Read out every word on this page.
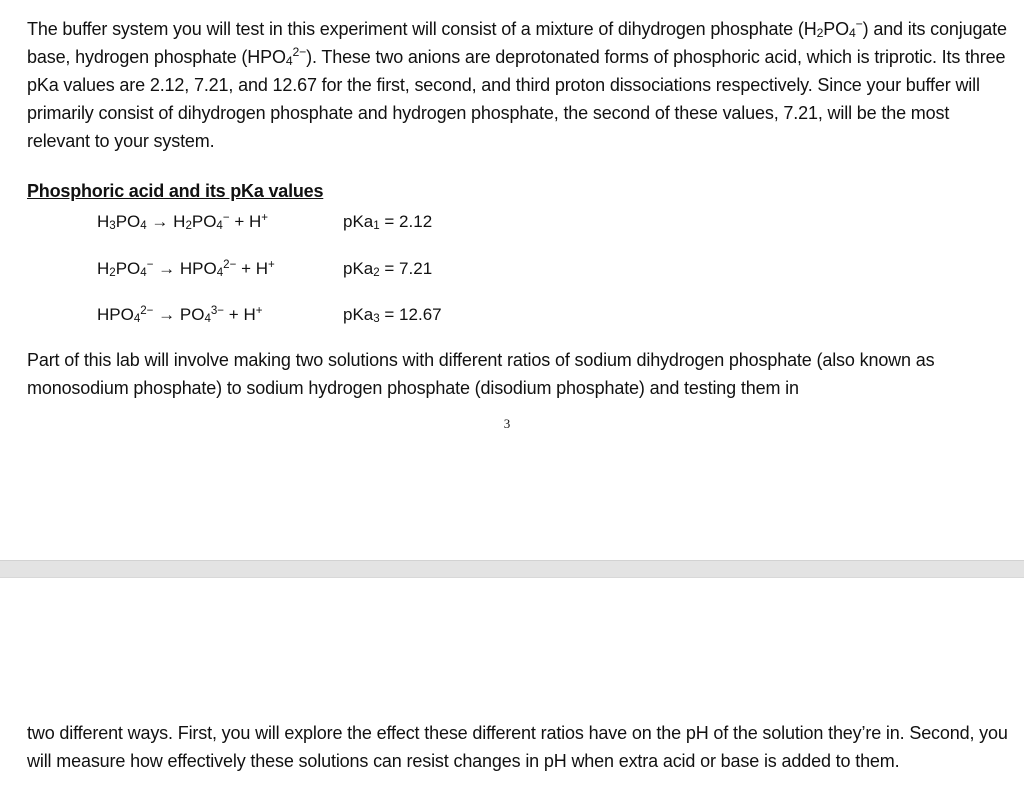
The buffer system you will test in this experiment will consist of a mixture of dihydrogen phosphate $(H_2PO_4^-)$ and its conjugate base, hydrogen phosphate $(HPO_4^{2-})$. These two anions are deprotonated forms of phosphoric acid, which is triprotic. Its three pKa values are 2.12, 7.21, and 12.67 for the first, second, and third proton dissociations respectively. Since your buffer will primarily consist of dihydrogen phosphate and hydrogen phosphate, the second of these values, 7.21, will be the most relevant to your system.

Phosphoric acid and its pKa values
$H_3PO_4 \to H_2PO_4^- + H^+$	pKa$_1$ = 2.12
$H_2PO_4^- \to HPO_4^{2-} + H^+$	pKa$_2$ = 7.21
$HPO_4^{2-} \to PO_4^{3-} + H^+$	pKa$_3$ = 12.67

Part of this lab will involve making two solutions with different ratios of sodium dihydrogen phosphate (also known as monosodium phosphate) to sodium hydrogen phosphate (disodium phosphate) and testing them in

3

two different ways. First, you will explore the effect these different ratios have on the pH of the solution they’re in. Second, you will measure how effectively these solutions can resist changes in pH when extra acid or base is added to them.
